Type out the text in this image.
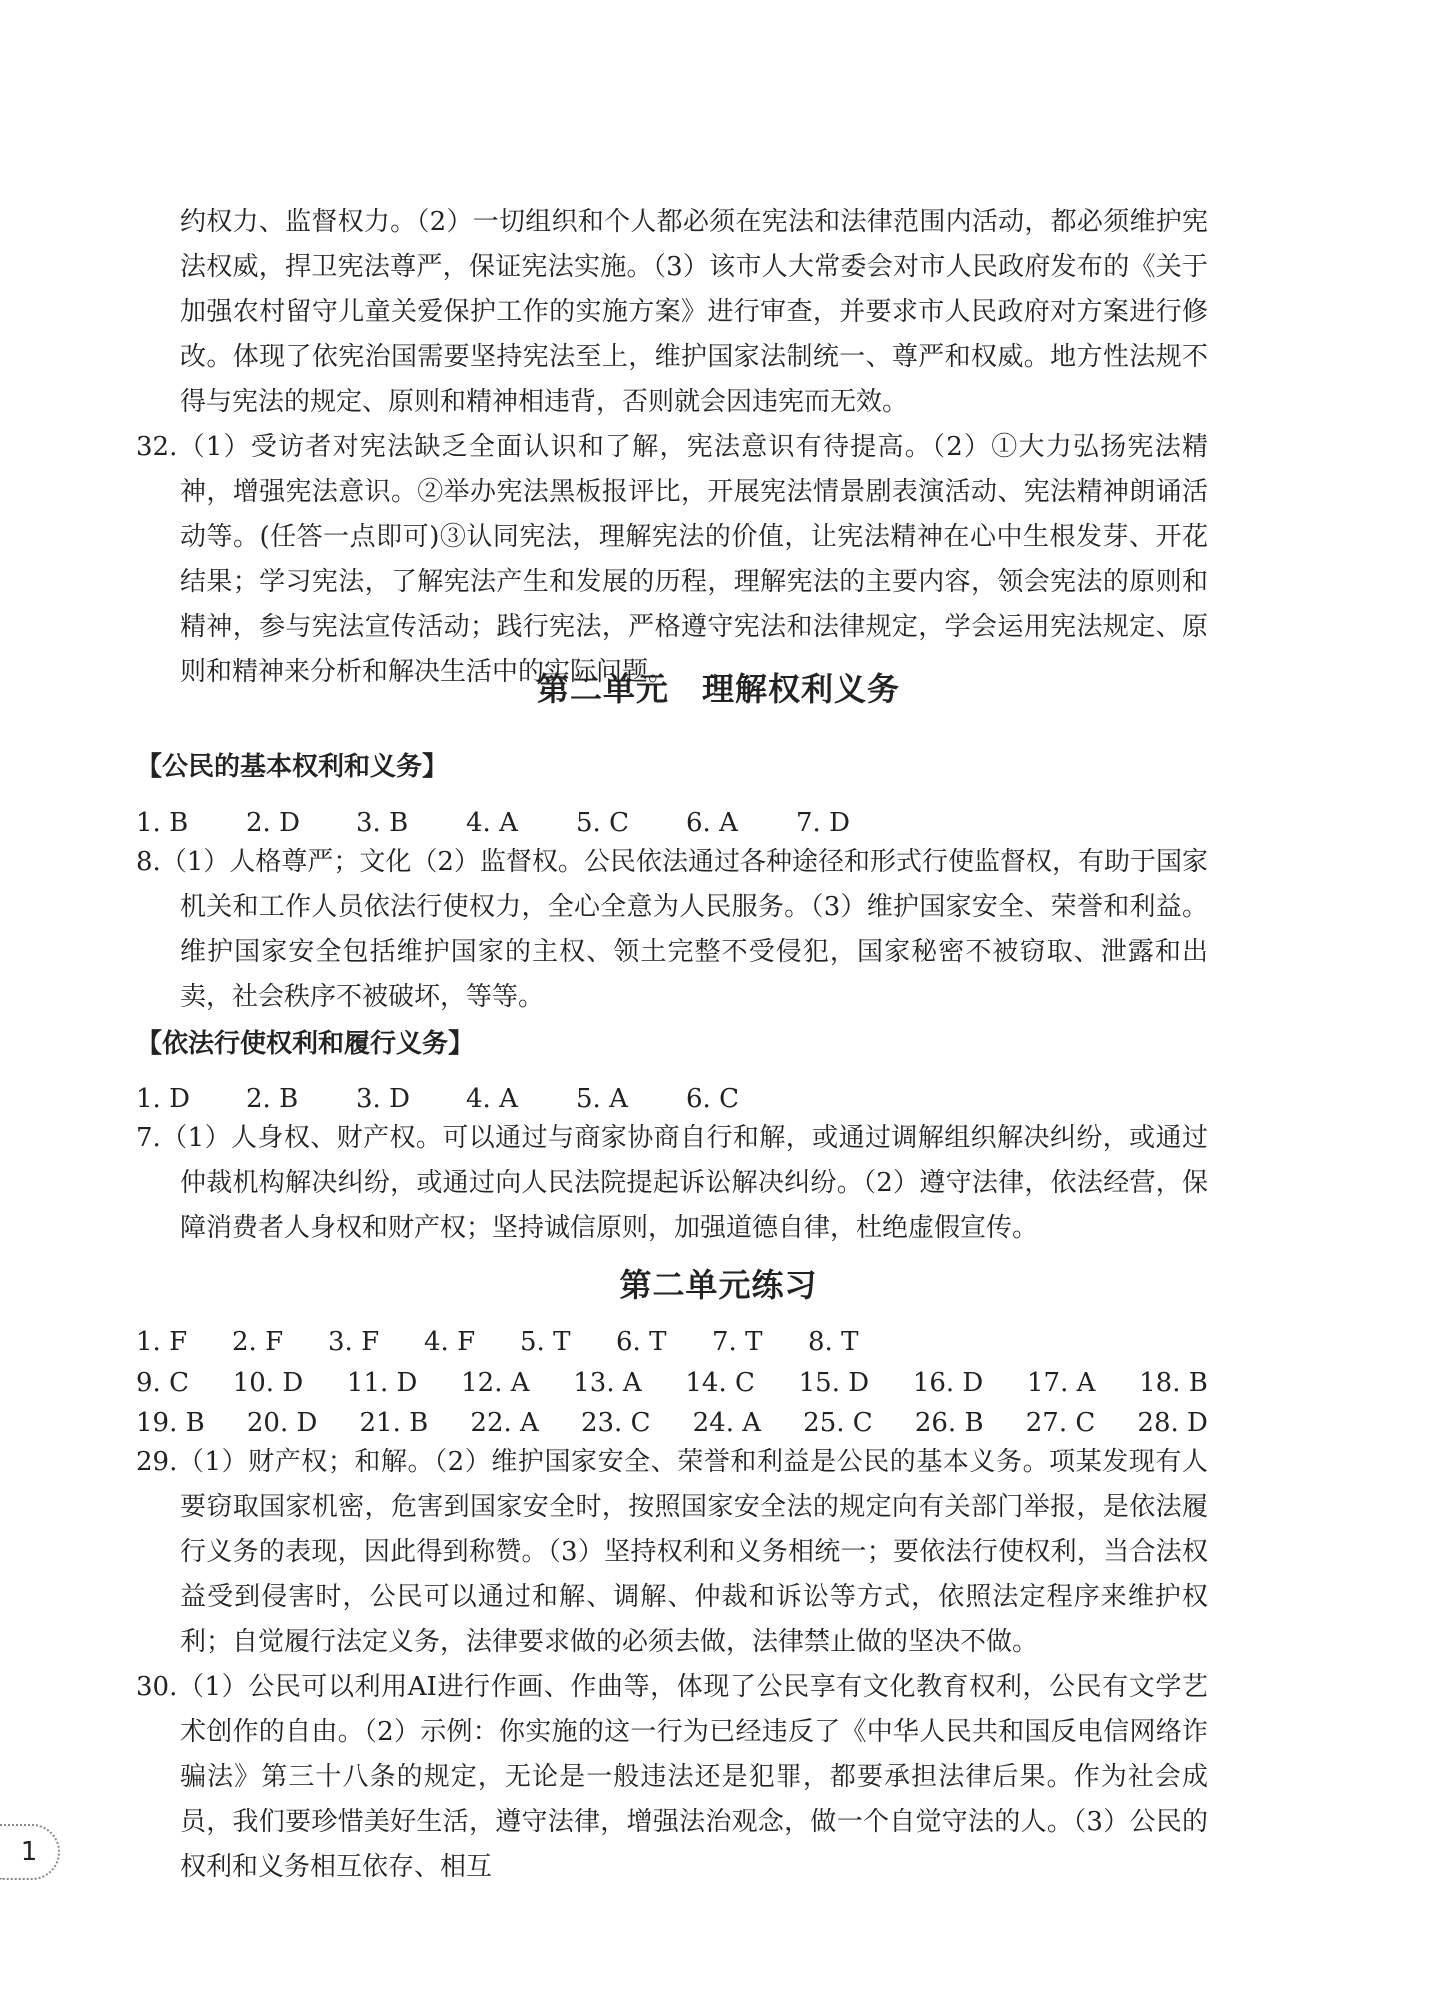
约权力、监督权力。（2）一切组织和个人都必须在宪法和法律范围内活动，都必须维护宪法权威，捍卫宪法尊严，保证宪法实施。（3）该市人大常委会对市人民政府发布的《关于加强农村留守儿童关爱保护工作的实施方案》进行审查，并要求市人民政府对方案进行修改。体现了依宪治国需要坚持宪法至上，维护国家法制统一、尊严和权威。地方性法规不得与宪法的规定、原则和精神相违背，否则就会因违宪而无效。
32.（1）受访者对宪法缺乏全面认识和了解，宪法意识有待提高。（2）①大力弘扬宪法精神，增强宪法意识。②举办宪法黑板报评比，开展宪法情景剧表演活动、宪法精神朗诵活动等。(任答一点即可)③认同宪法，理解宪法的价值，让宪法精神在心中生根发芽、开花结果；学习宪法，了解宪法产生和发展的历程，理解宪法的主要内容，领会宪法的原则和精神，参与宪法宣传活动；践行宪法，严格遵守宪法和法律规定，学会运用宪法规定、原则和精神来分析和解决生活中的实际问题。
第二单元　理解权利义务
【公民的基本权利和义务】
1. B	2. D	3. B	4. A	5. C	6. A	7. D
8.（1）人格尊严；文化（2）监督权。公民依法通过各种途径和形式行使监督权，有助于国家机关和工作人员依法行使权力，全心全意为人民服务。（3）维护国家安全、荣誉和利益。维护国家安全包括维护国家的主权、领土完整不受侵犯，国家秘密不被窃取、泄露和出卖，社会秩序不被破坏，等等。
【依法行使权利和履行义务】
1. D	2. B	3. D	4. A	5. A	6. C
7.（1）人身权、财产权。可以通过与商家协商自行和解，或通过调解组织解决纠纷，或通过仲裁机构解决纠纷，或通过向人民法院提起诉讼解决纠纷。（2）遵守法律，依法经营，保障消费者人身权和财产权；坚持诚信原则，加强道德自律，杜绝虚假宣传。
第二单元练习
1. F	2. F	3. F	4. F	5. T	6. T	7. T	8. T
9. C 10. D 11. D 12. A 13. A 14. C 15. D 16. D 17. A 18. B
19. B 20. D 21. B 22. A 23. C 24. A 25. C 26. B 27. C 28. D
29.（1）财产权；和解。（2）维护国家安全、荣誉和利益是公民的基本义务。项某发现有人要窃取国家机密，危害到国家安全时，按照国家安全法的规定向有关部门举报，是依法履行义务的表现，因此得到称赞。（3）坚持权利和义务相统一；要依法行使权利，当合法权益受到侵害时，公民可以通过和解、调解、仲裁和诉讼等方式，依照法定程序来维护权利；自觉履行法定义务，法律要求做的必须去做，法律禁止做的坚决不做。
30.（1）公民可以利用AI进行作画、作曲等，体现了公民享有文化教育权利，公民有文学艺术创作的自由。（2）示例：你实施的这一行为已经违反了《中华人民共和国反电信网络诈骗法》第三十八条的规定，无论是一般违法还是犯罪，都要承担法律后果。作为社会成员，我们要珍惜美好生活，遵守法律，增强法治观念，做一个自觉守法的人。（3）公民的权利和义务相互依存、相互
1
